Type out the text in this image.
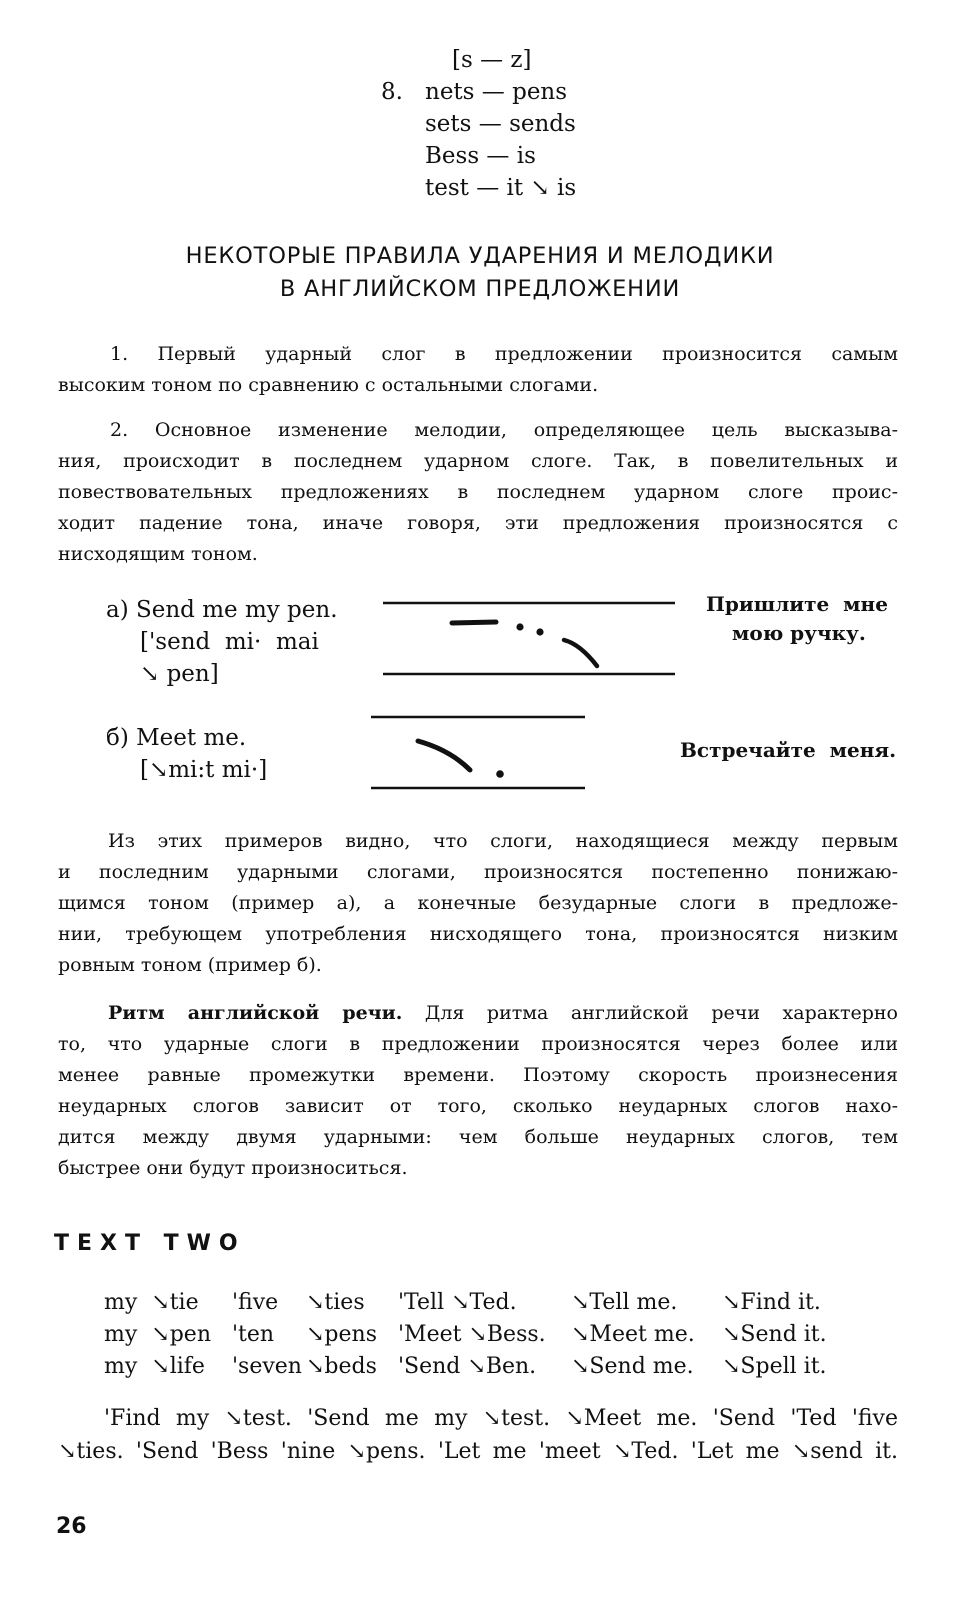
[s — z]
8. nets — pens
sets — sends
Bess — is
test — it ↘ is
НЕКОТОРЫЕ ПРАВИЛА УДАРЕНИЯ И МЕЛОДИКИ
В АНГЛИЙСКОМ ПРЕДЛОЖЕНИИ
1. Первый ударный слог в предложении произносится самым
высоким тоном по сравнению с остальными слогами.
2. Основное изменение мелодии, определяющее цель высказыва-
ния, происходит в последнем ударном слоге. Так, в повелительных и
повествовательных предложениях в последнем ударном слоге проис-
ходит падение тона, иначе говоря, эти предложения произносятся с
нисходящим тоном.
а) Send me my pen.
['send  mi·  mai
↘ pen]
Пришлите  мне
мою ручку.
б) Meet me.
[↘mi:t mi·]
Встречайте  меня.
Из этих примеров видно, что слоги, находящиеся между первым
и последним ударными слогами, произносятся постепенно понижаю-
щимся тоном (пример а), а конечные безударные слоги в предложе-
нии, требующем употребления нисходящего тона, произносятся низким
ровным тоном (пример б).
Ритм английской речи. Для ритма английской речи характерно
то, что ударные слоги в предложении произносятся через более или
менее равные промежутки времени. Поэтому скорость произнесения
неударных слогов зависит от того, сколько неударных слогов нахо-
дится между двумя ударными: чем больше неударных слогов, тем
быстрее они будут произноситься.
TEXT TWO
my  ↘tie
my  ↘pen
my  ↘life
'five
'ten
'seven
↘ties
↘pens
↘beds
'Tell ↘Ted.
'Meet ↘Bess.
'Send ↘Ben.
↘Tell me.
↘Meet me.
↘Send me.
↘Find it.
↘Send it.
↘Spell it.
'Find my ↘test. 'Send me my ↘test. ↘Meet me. 'Send 'Ted 'five
↘ties. 'Send 'Bess 'nine ↘pens. 'Let me 'meet ↘Ted. 'Let me ↘send it.
26
